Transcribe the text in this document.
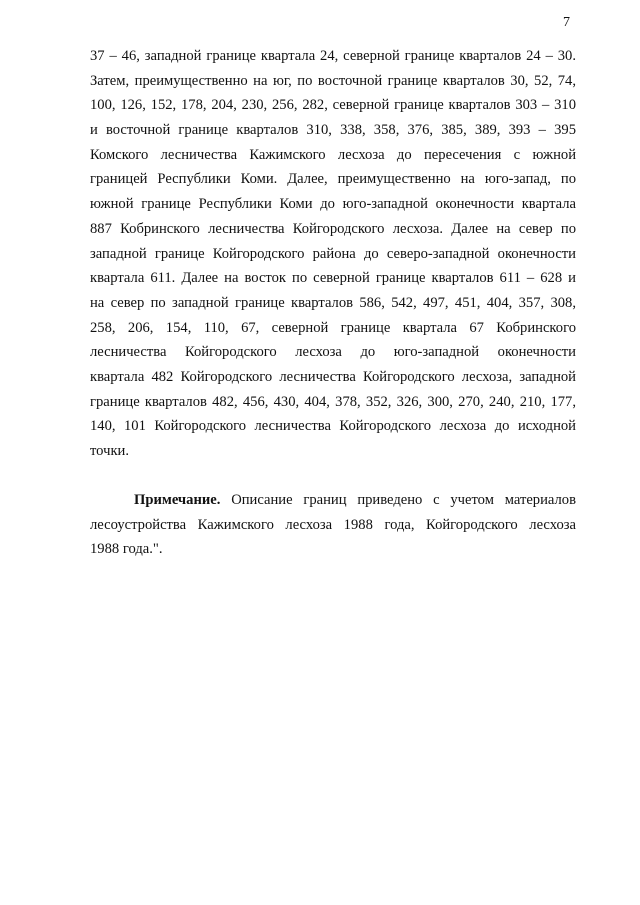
7
37 – 46, западной границе квартала 24, северной границе кварталов 24 – 30.
Затем, преимущественно на юг, по восточной границе кварталов 30, 52, 74,
100, 126, 152, 178, 204, 230, 256, 282, северной границе кварталов 303 – 310
и восточной границе кварталов 310, 338, 358, 376, 385, 389, 393 – 395
Комского лесничества Кажимского лесхоза до пересечения с южной
границей Республики Коми. Далее, преимущественно на юго-запад, по
южной границе Республики Коми до юго-западной оконечности квартала
887 Кобринского лесничества Койгородского лесхоза. Далее на север по
западной границе Койгородского района до северо-западной оконечности
квартала 611. Далее на восток по северной границе кварталов 611 – 628 и
на север по западной границе кварталов 586, 542, 497, 451, 404, 357, 308,
258, 206, 154, 110, 67, северной границе квартала 67 Кобринского
лесничества Койгородского лесхоза до юго-западной оконечности
квартала 482 Койгородского лесничества Койгородского лесхоза, западной
границе кварталов 482, 456, 430, 404, 378, 352, 326, 300, 270, 240, 210, 177,
140, 101 Койгородского лесничества Койгородского лесхоза до исходной
точки.
Примечание. Описание границ приведено с учетом материалов
лесоустройства Кажимского лесхоза 1988 года, Койгородского лесхоза
1988 года.".
